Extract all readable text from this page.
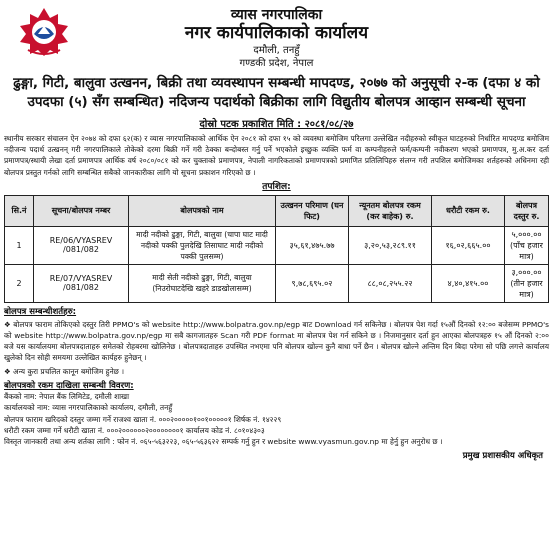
व्यास नगरपालिका
नगर कार्यपालिकाको कार्यालय
दमौली, तनहुँ
गण्डकी प्रदेश, नेपाल
ढुङ्गा, गिटी, बालुवा उत्खनन, बिक्री तथा व्यवस्थापन सम्बन्धी मापदण्ड, २०७७ को अनुसूची २-क (दफा ४ को उपदफा (५) सँग सम्बन्धित) नदिजन्य पदार्थको बिक्रीका लागि विद्युतीय बोलपत्र आव्हान सम्बन्धी सूचना
दोस्रो पटक प्रकाशित मिति : २०८१/०८/२७
स्थानीय सरकार संचालन ऐन २०७४ को दफा ६२(क) र व्यास नगरपालिकाको आर्थिक ऐन २०८१ को दफा १५ को व्यवस्था बमोजिम परिलगा उल्लेखित नदीहरुको स्वीकृत घाटहरुको निर्धारित मापदण्ड बमोजिम नदीजन्य पदार्थ उत्खनन् गरी नगरपालिकाले तोकेको दरमा बिक्री गर्ने गरी ठेक्का बन्दोबस्त गर्नु पर्ने भएकोले इच्छुक व्यक्ति फर्म वा कम्पनीहरुले फर्म/कम्पनी नवीकरण भएको प्रमाणपत्र, मु.अ.कर दर्ता प्रमाणपत्र/स्थायी लेखा दर्ता प्रमाणपत्र आर्थिक वर्ष २०८०/०८१ को कर चुक्ताको प्रमाणपत्र, नेपाली नागरिकताको प्रमाणपत्रको प्रमाणित प्रतिलिपिहरु संलग्न गरी तपशिल बमोजिमका शर्तहरुको अधिनमा रही बोलपत्र प्रस्तुत गर्नको लागि सम्बन्धित सबैको जानकारीका लागि यो सूचना प्रकाशन गरिएको छ ।
तपशिल:
सि.नं	सूचना/बोलपत्र नम्बर	बोलपत्रको नाम	उत्खनन परिमाण (घन फिट)	न्यूनतम बोलपत्र रकम (कर बाहेक) रु.	धरौटी रकम रु.	बोलपत्र दस्तुर रु.
1	RE/06/VYASREV /081/082	मादी नदीको ढुङ्गा, गिटी, बालुवा (चापा घाट मादी नदीको पक्की पुलदेखि तिसाघाट मादी नदीको पक्की पुलसम्म)	३५,६१,४७५.७७	३,२०,५३,२८९.११	१६,०२,६६५.००	५,०००.००
(पाँच हजार मात्र)

2	RE/07/VYASREV /081/082	मादी सेती नदीको ढुङ्गा, गिटी, बालुवा (निउरोघाटदेखि खहरे डाडखोलासम्म)	९,७८,६९५.०२	८८,०८,२५५.२२	४,४०,४१५.००	३,०००.००
(तीन हजार मात्र)
बोलपत्र सम्बन्धीशर्तहरु:
❖ बोलपत्र फाराम तोकिएको दस्तुर तिरी PPMO's को website http://www.bolpatra.gov.np/egp बाट Download गर्न सकिनेछ । बोलपत्र पेश गर्दा १५औं दिनको १२:०० बजेसम्म PPMO's को website http://www.bolpatra.gov.np/egp मा सबै कागजातहरु Scan गरी PDF format मा बोलपत्र पेश गर्न सकिने छ । निजमानुसार दर्ता हुन आएका बोलपत्रहरु १५ औं दिनको २:०० बजे यस कार्यालयमा बोलपत्रदाताहरु समेतको रोहबरमा खोलिनेछ । बोलपत्रदाताहरु उपस्थित नभएमा पनि बोलपत्र खोल्न कुनै बाधा पर्ने छैन । बोलपत्र खोल्ने अन्तिम दिन बिदा परेमा सो पछि लगत्ते कार्यालय खुलेको दिन सोही समयमा उल्लेखित कार्यहरु हुनेछन् ।
❖ अन्य कुरा प्रचलित कानून बमोजिम हुनेछ ।
बोलपत्रको रकम दाखिला सम्बन्धी विवरण:
बैंकको नाम: नेपाल बैंक लिमिटेड, दमौली शाखा
कार्यालयको नाम: व्यास नगरपालिकाको कार्यालय, दमौली, तनहुँ
बोलपत्र फाराम खरिदको दस्तुर जम्मा गर्ने राजश्व खाता नं. ०००२०००००१००१०००००१ शिर्षक नं. १४२२९
धरौटी रकम जम्मा गर्ने धरौटी खाता नं. ०००२००००००२००००००००१ कार्यालय कोड नं. ८०१०४३०३
विस्तृत जानकारी तथा अन्य शर्तका लागि : फोन नं. ०६५-५६३२२३, ०६५-५६३६२२ सम्पर्क गर्नु हुन र website www.vyasmun.gov.np मा हेर्नु हुन अनुरोध छ ।
प्रमुख प्रशासकीय अधिकृत
